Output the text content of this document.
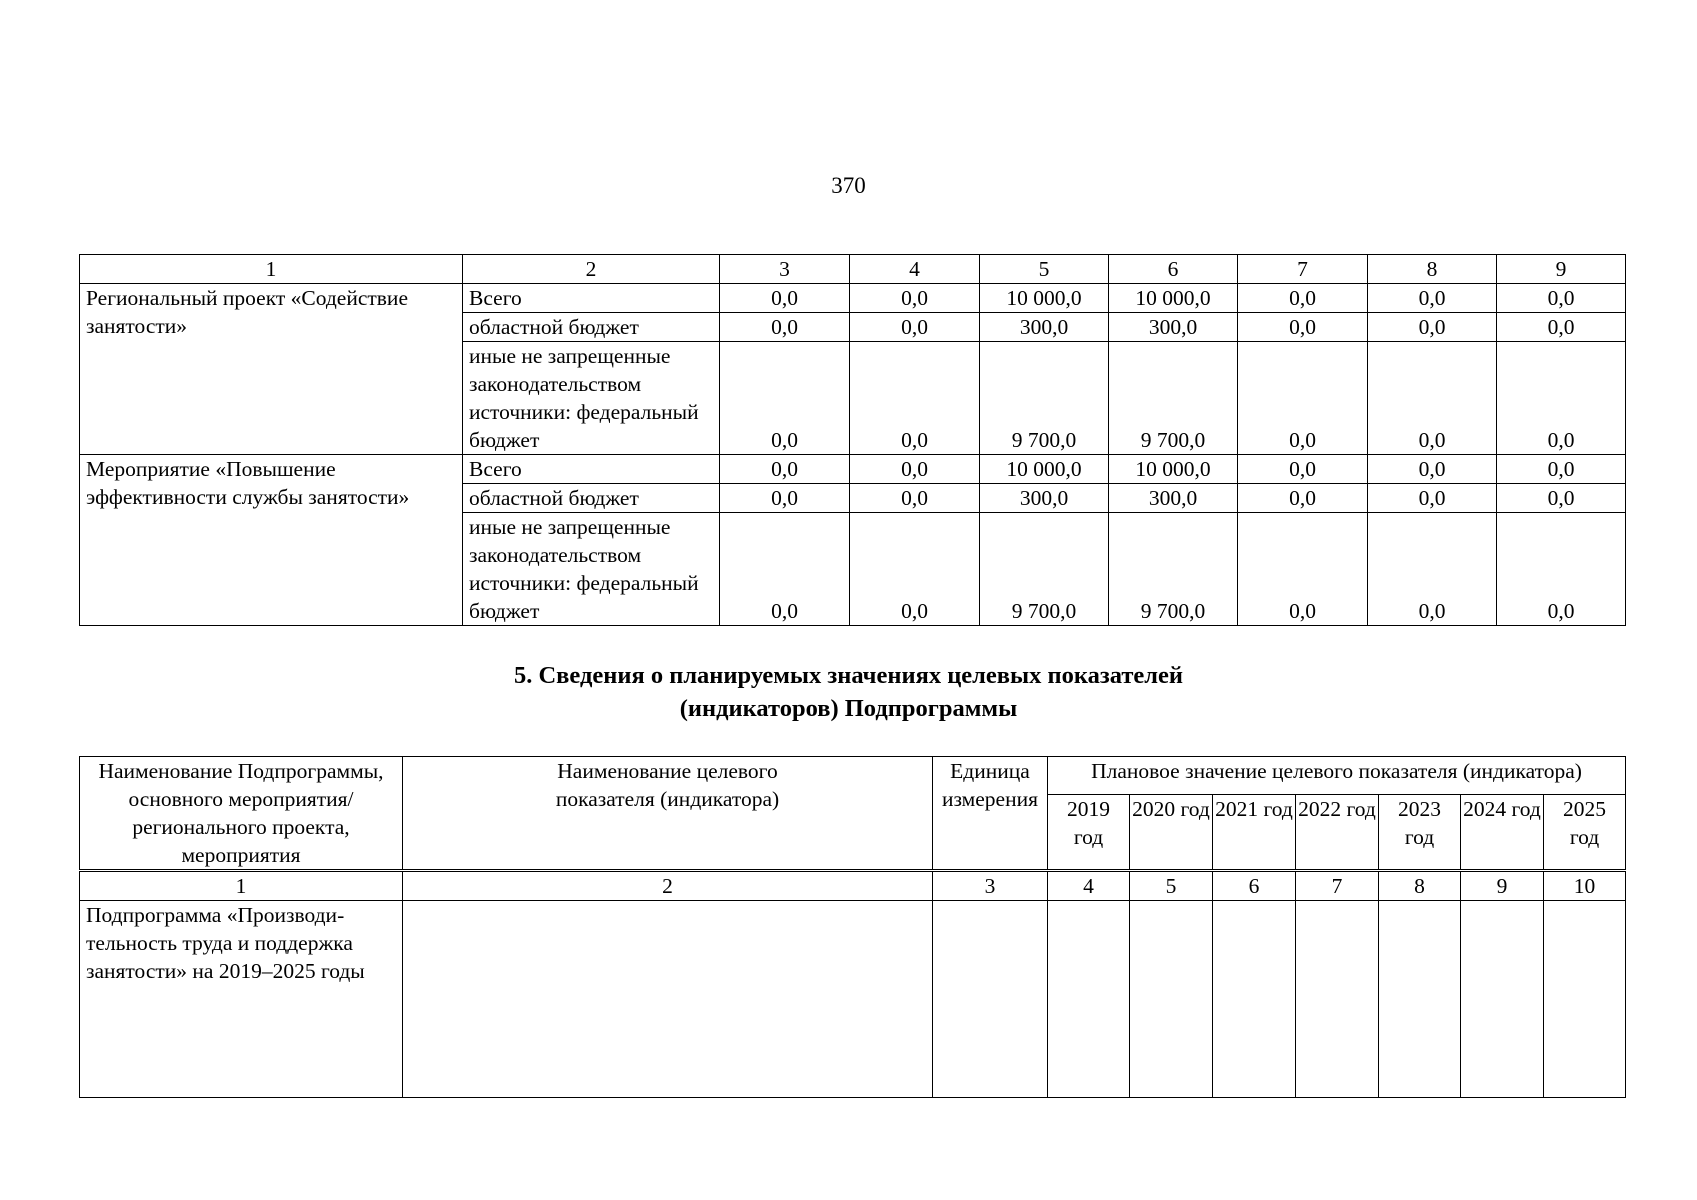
370
1	2	3	4	5	6	7	8	9
Региональный проект «Содействие занятости»	Всего	0,0	0,0	10 000,0	10 000,0	0,0	0,0	0,0
	областной бюджет	0,0	0,0	300,0	300,0	0,0	0,0	0,0
	иные не запрещенные законодательством источники: федеральный бюджет	0,0	0,0	9 700,0	9 700,0	0,0	0,0	0,0
Мероприятие «Повышение эффективности службы занятости»	Всего	0,0	0,0	10 000,0	10 000,0	0,0	0,0	0,0
	областной бюджет	0,0	0,0	300,0	300,0	0,0	0,0	0,0
	иные не запрещенные законодательством источники: федеральный бюджет	0,0	0,0	9 700,0	9 700,0	0,0	0,0	0,0
5. Сведения о планируемых значениях целевых показателей
(индикаторов) Подпрограммы
Наименование Подпрограммы, основного мероприятия/ регионального проекта, мероприятия	Наименование целевого показателя (индикатора)	Единица измерения	Плановое значение целевого показателя (индикатора)						
			2019 год	2020 год	2021 год	2022 год	2023 год	2024 год	2025 год
1	2	3	4	5	6	7	8	9	10
Подпрограмма «Производительность труда и поддержка занятости» на 2019–2025 годы									
